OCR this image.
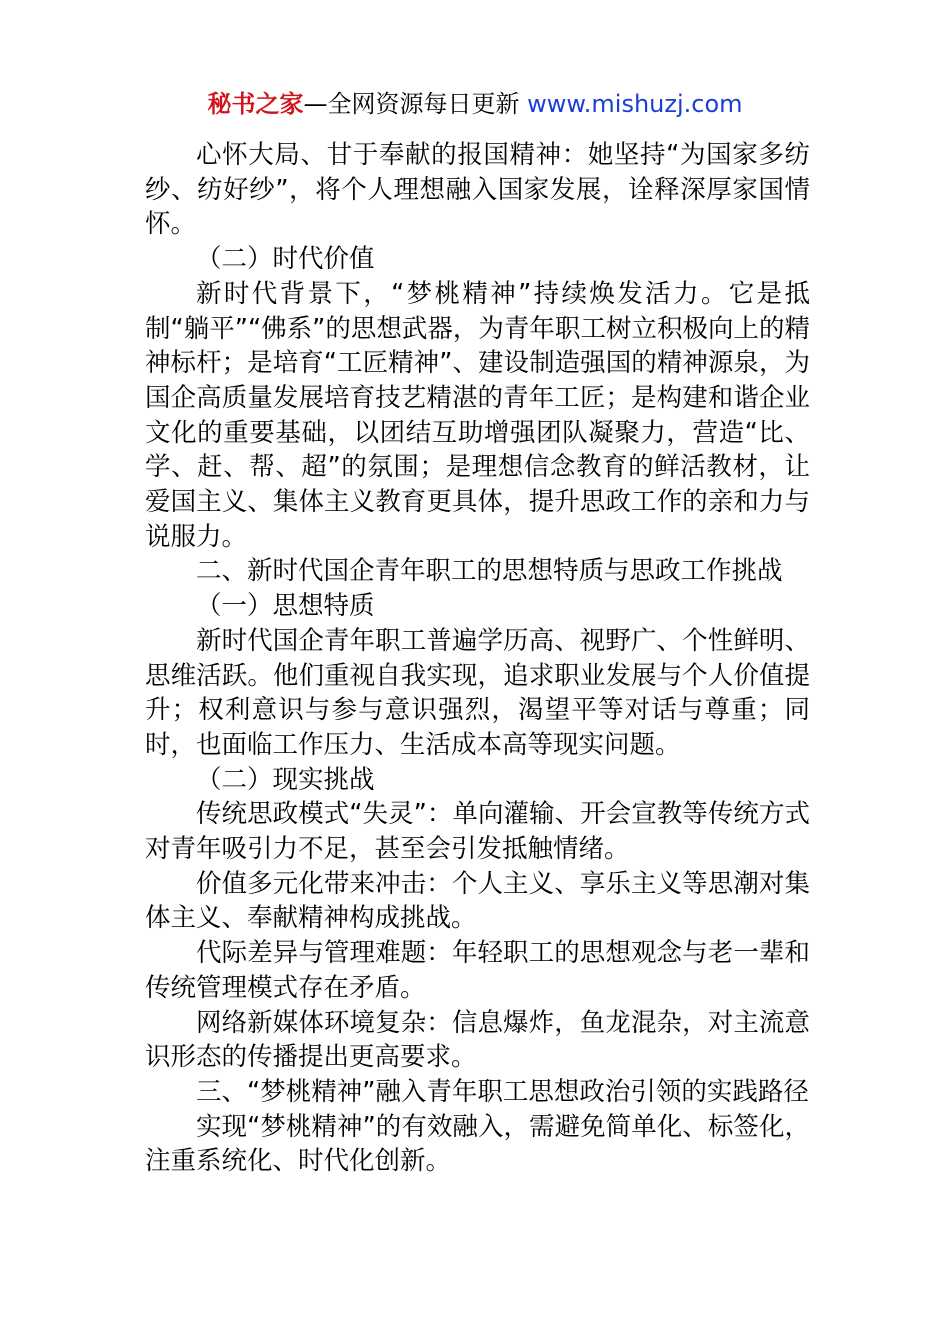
秘书之家—全网资源每日更新 www.mishuzj.com

心怀大局、甘于奉献的报国精神：她坚持“为国家多纺纱、纺好纱”，将个人理想融入国家发展，诠释深厚家国情怀。

（二）时代价值

新时代背景下，“梦桃精神”持续焕发活力。它是抵制“躺平”“佛系”的思想武器，为青年职工树立积极向上的精神标杆；是培育“工匠精神”、建设制造强国的精神源泉，为国企高质量发展培育技艺精湛的青年工匠；是构建和谐企业文化的重要基础，以团结互助增强团队凝聚力，营造“比、学、赶、帮、超”的氛围；是理想信念教育的鲜活教材，让爱国主义、集体主义教育更具体，提升思政工作的亲和力与说服力。

二、新时代国企青年职工的思想特质与思政工作挑战

（一）思想特质

新时代国企青年职工普遍学历高、视野广、个性鲜明、思维活跃。他们重视自我实现，追求职业发展与个人价值提升；权利意识与参与意识强烈，渴望平等对话与尊重；同时，也面临工作压力、生活成本高等现实问题。

（二）现实挑战

传统思政模式“失灵”：单向灌输、开会宣教等传统方式对青年吸引力不足，甚至会引发抵触情绪。

价值多元化带来冲击：个人主义、享乐主义等思潮对集体主义、奉献精神构成挑战。

代际差异与管理难题：年轻职工的思想观念与老一辈和传统管理模式存在矛盾。

网络新媒体环境复杂：信息爆炸，鱼龙混杂，对主流意识形态的传播提出更高要求。

三、“梦桃精神”融入青年职工思想政治引领的实践路径

实现“梦桃精神”的有效融入，需避免简单化、标签化，注重系统化、时代化创新。
